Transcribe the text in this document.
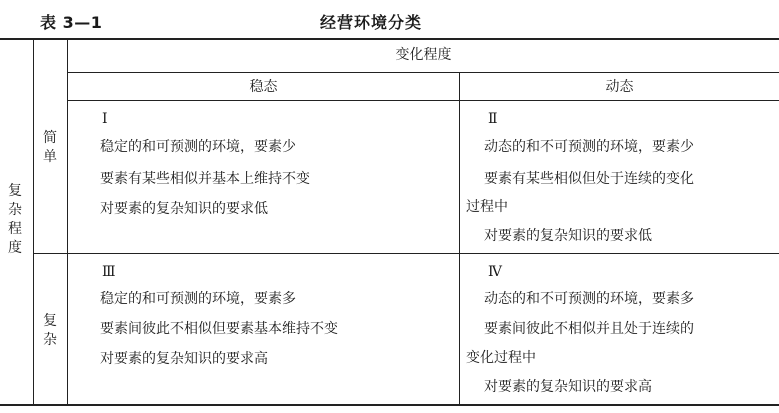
表 3—1	经营环境分类
变化程度
稳态	动态
复杂程度
简单
复杂
Ⅰ
稳定的和可预测的环境，要素少
要素有某些相似并基本上维持不变
对要素的复杂知识的要求低
Ⅱ
动态的和不可预测的环境，要素少
要素有某些相似但处于连续的变化
过程中
对要素的复杂知识的要求低
Ⅲ
稳定的和可预测的环境，要素多
要素间彼此不相似但要素基本维持不变
对要素的复杂知识的要求高
Ⅳ
动态的和不可预测的环境，要素多
要素间彼此不相似并且处于连续的
变化过程中
对要素的复杂知识的要求高
